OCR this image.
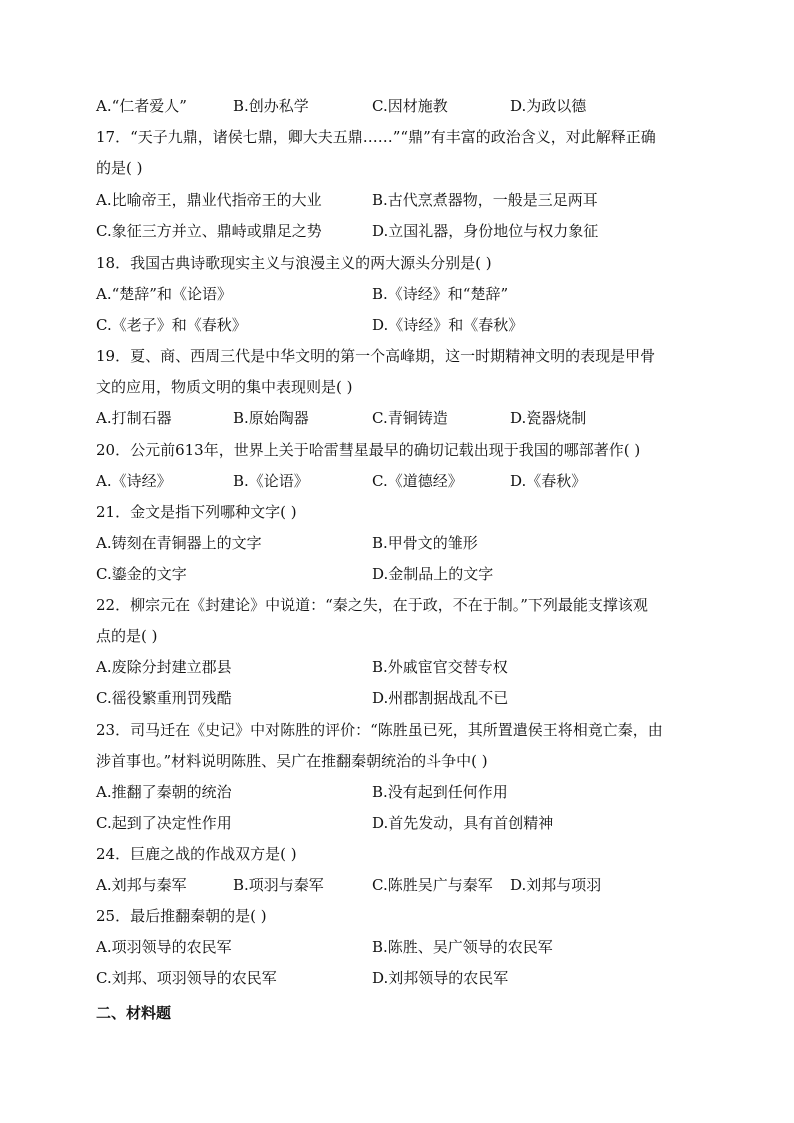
A.“仁者爱人”	B.创办私学	C.因材施教	D.为政以德
17．“天子九鼎，诸侯七鼎，卿大夫五鼎……”“鼎”有丰富的政治含义，对此解释正确
的是( )
A.比喻帝王，鼎业代指帝王的大业	B.古代烹煮器物，一般是三足两耳
C.象征三方并立、鼎峙或鼎足之势	D.立国礼器，身份地位与权力象征
18．我国古典诗歌现实主义与浪漫主义的两大源头分别是( )
A.“楚辞”和《论语》	B.《诗经》和“楚辞”
C.《老子》和《春秋》	D.《诗经》和《春秋》
19．夏、商、西周三代是中华文明的第一个高峰期，这一时期精神文明的表现是甲骨
文的应用，物质文明的集中表现则是( )
A.打制石器	B.原始陶器	C.青铜铸造	D.瓷器烧制
20．公元前613年，世界上关于哈雷彗星最早的确切记载出现于我国的哪部著作( )
A.《诗经》	B.《论语》	C.《道德经》	D.《春秋》
21．金文是指下列哪种文字( )
A.铸刻在青铜器上的文字	B.甲骨文的雏形
C.鎏金的文字	D.金制品上的文字
22．柳宗元在《封建论》中说道：“秦之失，在于政，不在于制。”下列最能支撑该观
点的是( )
A.废除分封建立郡县	B.外戚宦官交替专权
C.徭役繁重刑罚残酷	D.州郡割据战乱不已
23．司马迁在《史记》中对陈胜的评价：“陈胜虽已死，其所置遣侯王将相竟亡秦，由
涉首事也。”材料说明陈胜、吴广在推翻秦朝统治的斗争中( )
A.推翻了秦朝的统治	B.没有起到任何作用
C.起到了决定性作用	D.首先发动，具有首创精神
24．巨鹿之战的作战双方是( )
A.刘邦与秦军	B.项羽与秦军	C.陈胜吴广与秦军 D.刘邦与项羽
25．最后推翻秦朝的是( )
A.项羽领导的农民军	B.陈胜、吴广领导的农民军
C.刘邦、项羽领导的农民军	D.刘邦领导的农民军
二、材料题
